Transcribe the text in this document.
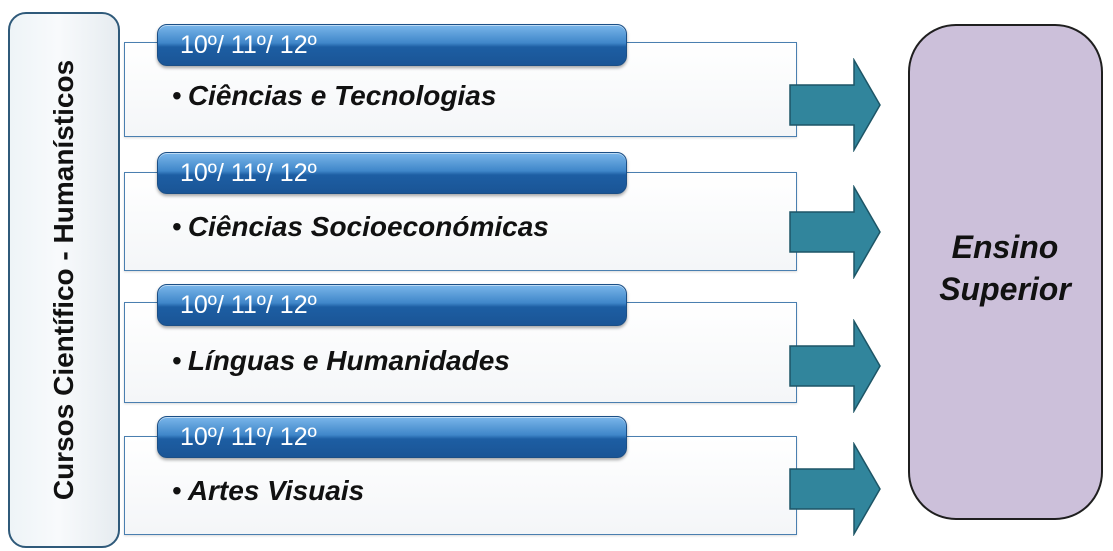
Cursos Científico - Humanísticos
10º/ 11º/ 12º
• Ciências e Tecnologias
10º/ 11º/ 12º
• Ciências Socioeconómicas
10º/ 11º/ 12º
• Línguas e Humanidades
10º/ 11º/ 12º
• Artes Visuais
Ensino
Superior
